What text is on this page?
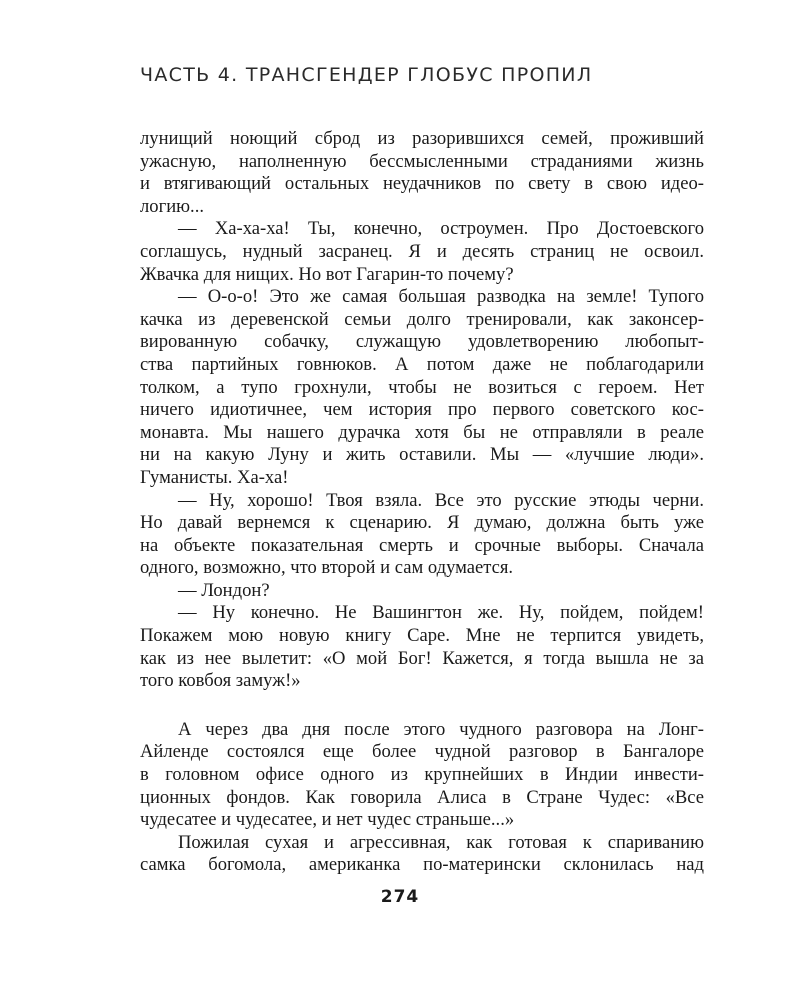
ЧАСТЬ 4. ТРАНСГЕНДЕР ГЛОБУС ПРОПИЛ
лунищий ноющий сброд из разорившихся семей, проживший
ужасную, наполненную бессмысленными страданиями жизнь
и втягивающий остальных неудачников по свету в свою идео-
логию...
— Ха-ха-ха! Ты, конечно, остроумен. Про Достоевского
соглашусь, нудный засранец. Я и десять страниц не освоил.
Жвачка для нищих. Но вот Гагарин-то почему?
— О-о-о! Это же самая большая разводка на земле! Тупого
качка из деревенской семьи долго тренировали, как законсер-
вированную собачку, служащую удовлетворению любопыт-
ства партийных говнюков. А потом даже не поблагодарили
толком, а тупо грохнули, чтобы не возиться с героем. Нет
ничего идиотичнее, чем история про первого советского кос-
монавта. Мы нашего дурачка хотя бы не отправляли в реале
ни на какую Луну и жить оставили. Мы — «лучшие люди».
Гуманисты. Ха-ха!
— Ну, хорошо! Твоя взяла. Все это русские этюды черни.
Но давай вернемся к сценарию. Я думаю, должна быть уже
на объекте показательная смерть и срочные выборы. Сначала
одного, возможно, что второй и сам одумается.
— Лондон?
— Ну конечно. Не Вашингтон же. Ну, пойдем, пойдем!
Покажем мою новую книгу Саре. Мне не терпится увидеть,
как из нее вылетит: «О мой Бог! Кажется, я тогда вышла не за
того ковбоя замуж!»
А через два дня после этого чудного разговора на Лонг-
Айленде состоялся еще более чудной разговор в Бангалоре
в головном офисе одного из крупнейших в Индии инвести-
ционных фондов. Как говорила Алиса в Стране Чудес: «Все
чудесатее и чудесатее, и нет чудес страньше...»
Пожилая сухая и агрессивная, как готовая к спариванию
самка богомола, американка по-матерински склонилась над
274
